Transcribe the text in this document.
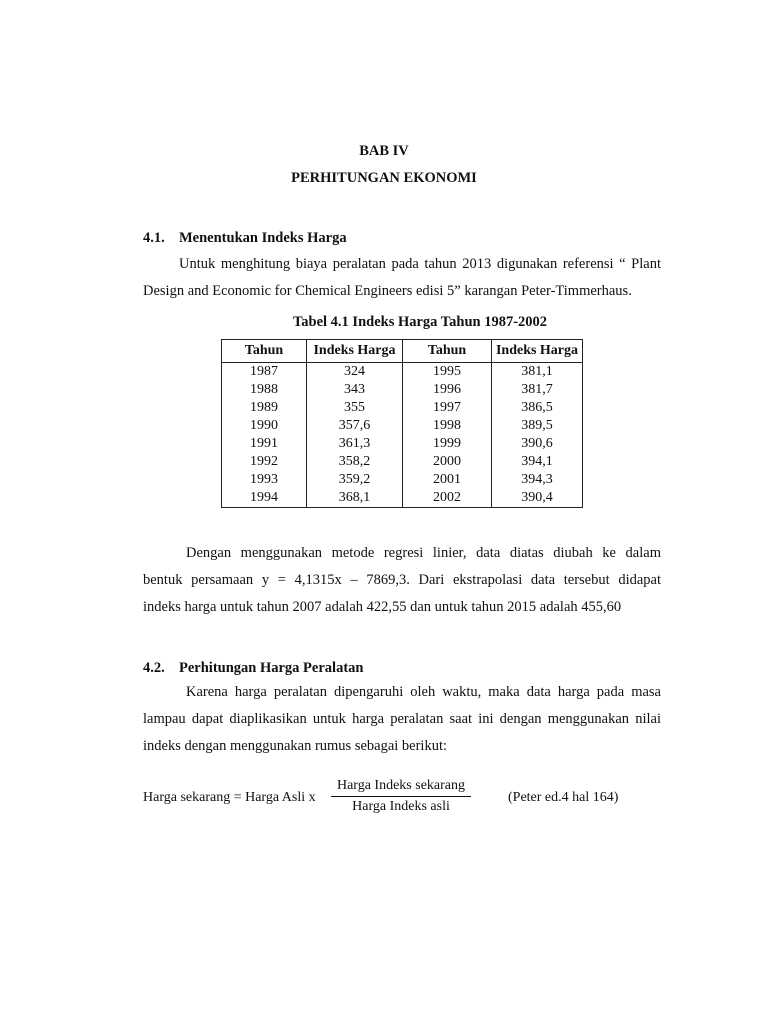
BAB IV
PERHITUNGAN EKONOMI
4.1. Menentukan Indeks Harga
Untuk menghitung biaya peralatan pada tahun 2013 digunakan referensi “ Plant
Design and Economic for Chemical Engineers edisi 5” karangan Peter-Timmerhaus.
Tabel 4.1 Indeks Harga Tahun 1987-2002
Tahun	Indeks Harga	Tahun	Indeks Harga
1987	324	1995	381,1
1988	343	1996	381,7
1989	355	1997	386,5
1990	357,6	1998	389,5
1991	361,3	1999	390,6
1992	358,2	2000	394,1
1993	359,2	2001	394,3
1994	368,1	2002	390,4
Dengan menggunakan metode regresi linier, data diatas diubah ke dalam
bentuk persamaan y = 4,1315x – 7869,3. Dari ekstrapolasi data tersebut didapat
indeks harga untuk tahun 2007 adalah 422,55 dan untuk tahun 2015 adalah 455,60
4.2. Perhitungan Harga Peralatan
Karena harga peralatan dipengaruhi oleh waktu, maka data harga pada masa
lampau dapat diaplikasikan untuk harga peralatan saat ini dengan menggunakan nilai
indeks dengan menggunakan rumus sebagai berikut:
Harga sekarang = Harga Asli x
Harga Indeks sekarang
Harga Indeks asli
(Peter ed.4 hal 164)
